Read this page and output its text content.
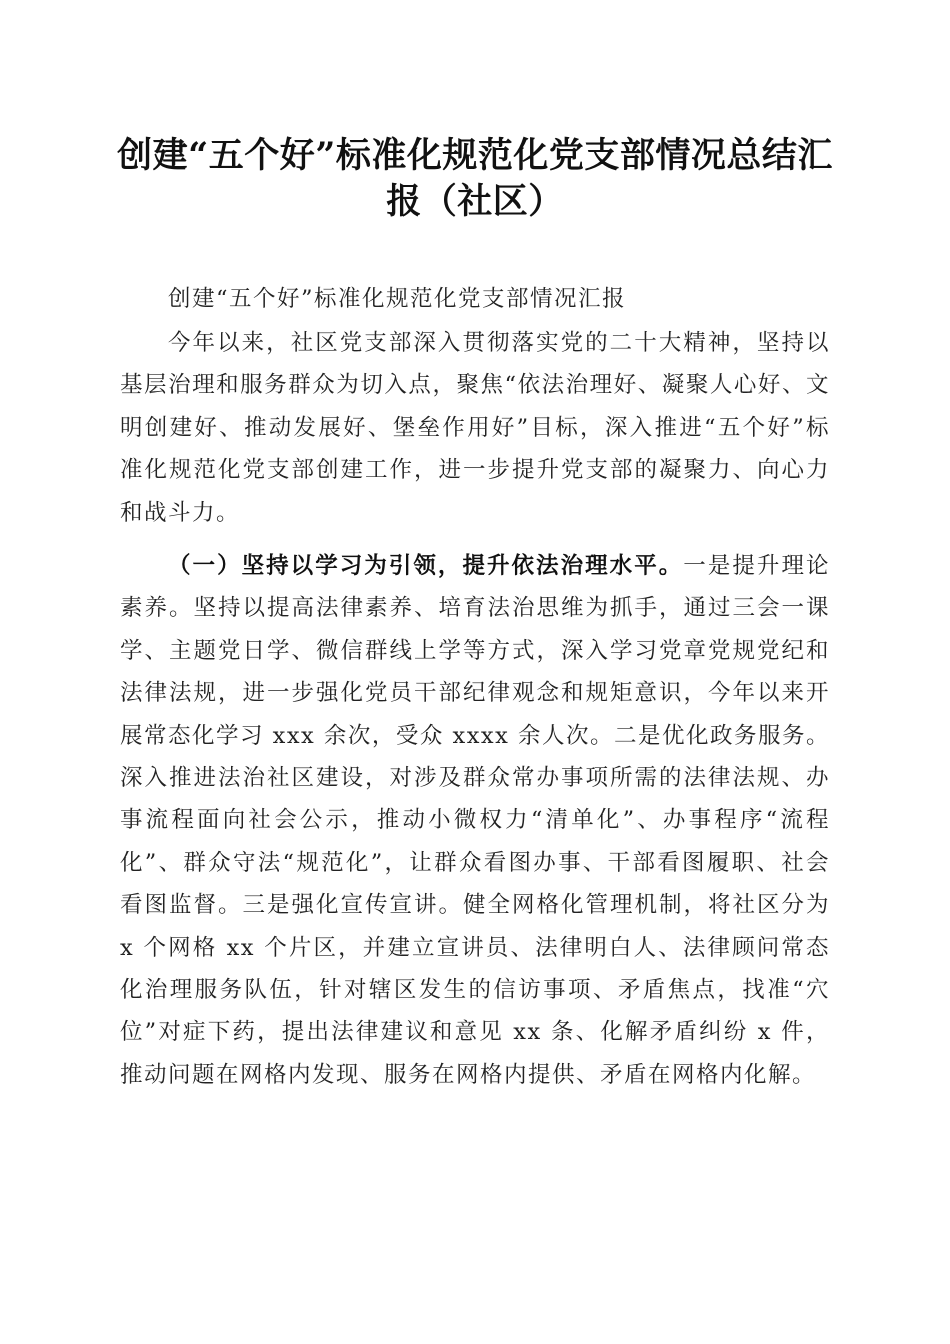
创建“五个好”标准化规范化党支部情况总结汇报（社区）

创建“五个好”标准化规范化党支部情况汇报

今年以来，社区党支部深入贯彻落实党的二十大精神，坚持以基层治理和服务群众为切入点，聚焦“依法治理好、凝聚人心好、文明创建好、推动发展好、堡垒作用好”目标，深入推进“五个好”标准化规范化党支部创建工作，进一步提升党支部的凝聚力、向心力和战斗力。

（一）坚持以学习为引领，提升依法治理水平。一是提升理论素养。坚持以提高法律素养、培育法治思维为抓手，通过三会一课学、主题党日学、微信群线上学等方式，深入学习党章党规党纪和法律法规，进一步强化党员干部纪律观念和规矩意识，今年以来开展常态化学习 xxx 余次，受众 xxxx 余人次。二是优化政务服务。深入推进法治社区建设，对涉及群众常办事项所需的法律法规、办事流程面向社会公示，推动小微权力“清单化”、办事程序“流程化”、群众守法“规范化”，让群众看图办事、干部看图履职、社会看图监督。三是强化宣传宣讲。健全网格化管理机制，将社区分为 x 个网格 xx 个片区，并建立宣讲员、法律明白人、法律顾问常态化治理服务队伍，针对辖区发生的信访事项、矛盾焦点，找准“穴位”对症下药，提出法律建议和意见 xx 条、化解矛盾纠纷 x 件，推动问题在网格内发现、服务在网格内提供、矛盾在网格内化解。
